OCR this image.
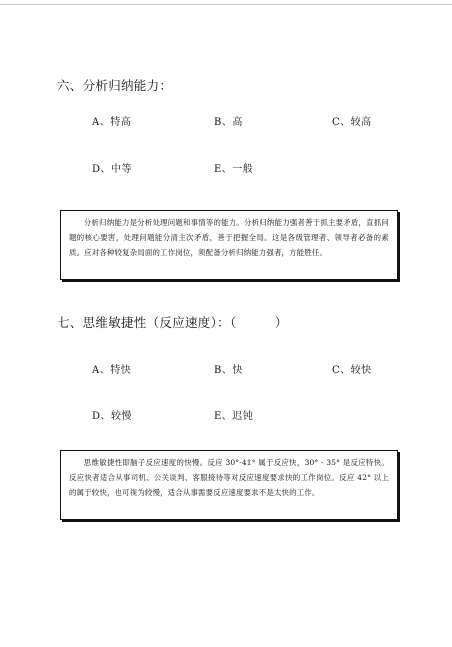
六、分析归纳能力：
A、特高	B、高	C、较高
D、中等	E、一般
分析归纳能力是分析处理问题和事情等的能力。分析归纳能力强者善于抓主要矛盾，直抓问题的核心要害，处理问题能分清主次矛盾，善于把握全局。这是各级管理者、领导者必备的素质。应对各种较复杂局面的工作岗位，须配备分析归纳能力强者，方能胜任。
七、思维敏捷性（反应速度）：（　　　）
A、特快	B、快	C、较快
D、较慢	E、迟钝
思维敏捷性即脑子反应速度的快慢。反应 30°-41° 属于反应快，30° - 35° 是反应特快。反应快者适合从事司机、公关谈判、客服接待等对反应速度要求快的工作岗位。反应 42° 以上的属于较快，也可视为较慢，适合从事需要反应速度要求不是太快的工作。
